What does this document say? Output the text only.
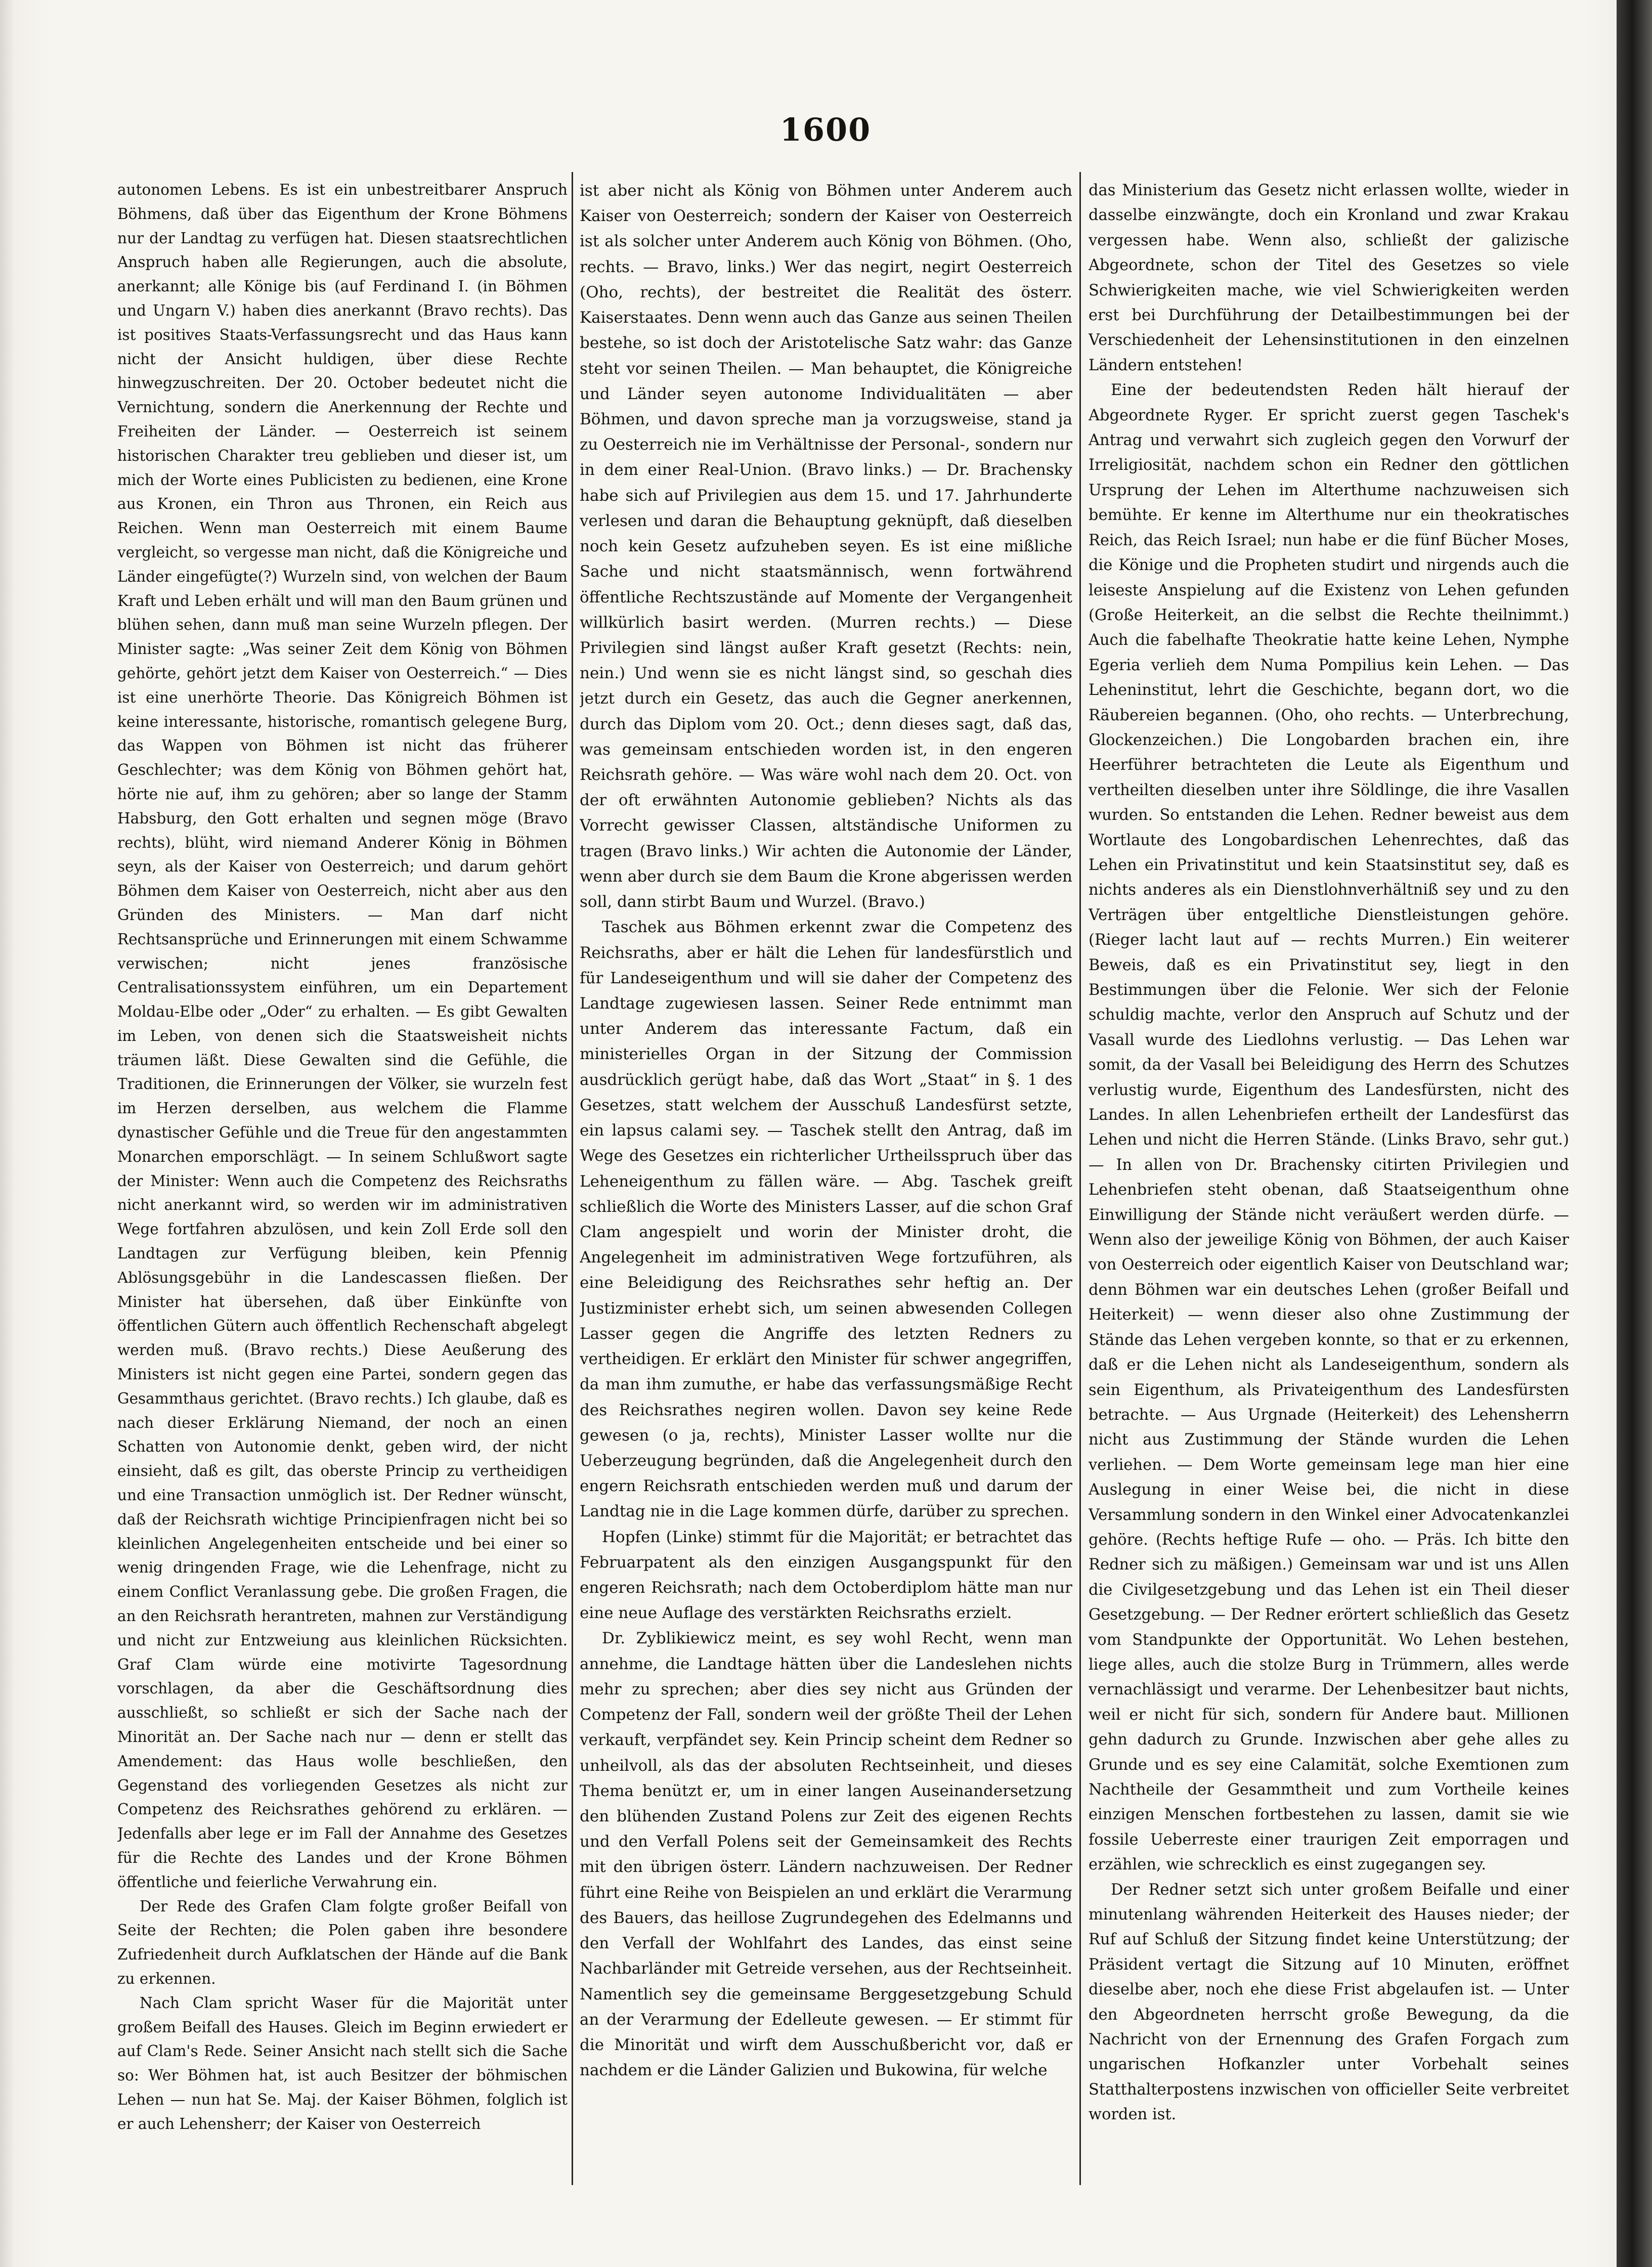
1600

autonomen Lebens. Es ist ein unbestreitbarer Anspruch Böhmens, daß über das Eigenthum der Krone Böhmens nur der Landtag zu verfügen hat. Diesen staatsrechtlichen Anspruch haben alle Regierungen, auch die absolute, anerkannt; alle Könige bis (auf Ferdinand I. (in Böhmen und Ungarn V.) haben dies anerkannt (Bravo rechts). Das ist positives Staats-Verfassungsrecht und das Haus kann nicht der Ansicht huldigen, über diese Rechte hinwegzuschreiten. Der 20. October bedeutet nicht die Vernichtung, sondern die Anerkennung der Rechte und Freiheiten der Länder. — Oesterreich ist seinem historischen Charakter treu geblieben und dieser ist, um mich der Worte eines Publicisten zu bedienen, eine Krone aus Kronen, ein Thron aus Thronen, ein Reich aus Reichen. Wenn man Oesterreich mit einem Baume vergleicht, so vergesse man nicht, daß die Königreiche und Länder eingefügte(?) Wurzeln sind, von welchen der Baum Kraft und Leben erhält und will man den Baum grünen und blühen sehen, dann muß man seine Wurzeln pflegen. Der Minister sagte: „Was seiner Zeit dem König von Böhmen gehörte, gehört jetzt dem Kaiser von Oesterreich.“ — Dies ist eine unerhörte Theorie. Das Königreich Böhmen ist keine interessante, historische, romantisch gelegene Burg, das Wappen von Böhmen ist nicht das früherer Geschlechter; was dem König von Böhmen gehört hat, hörte nie auf, ihm zu gehören; aber so lange der Stamm Habsburg, den Gott erhalten und segnen möge (Bravo rechts), blüht, wird niemand Anderer König in Böhmen seyn, als der Kaiser von Oesterreich; und darum gehört Böhmen dem Kaiser von Oesterreich, nicht aber aus den Gründen des Ministers. — Man darf nicht Rechtsansprüche und Erinnerungen mit einem Schwamme verwischen; nicht jenes französische Centralisationssystem einführen, um ein Departement Moldau-Elbe oder „Oder“ zu erhalten. — Es gibt Gewalten im Leben, von denen sich die Staatsweisheit nichts träumen läßt. Diese Gewalten sind die Gefühle, die Traditionen, die Erinnerungen der Völker, sie wurzeln fest im Herzen derselben, aus welchem die Flamme dynastischer Gefühle und die Treue für den angestammten Monarchen emporschlägt. — In seinem Schlußwort sagte der Minister: Wenn auch die Competenz des Reichsraths nicht anerkannt wird, so werden wir im administrativen Wege fortfahren abzulösen, und kein Zoll Erde soll den Landtagen zur Verfügung bleiben, kein Pfennig Ablösungsgebühr in die Landescassen fließen. Der Minister hat übersehen, daß über Einkünfte von öffentlichen Gütern auch öffentlich Rechenschaft abgelegt werden muß. (Bravo rechts.) Diese Aeußerung des Ministers ist nicht gegen eine Partei, sondern gegen das Gesammthaus gerichtet. (Bravo rechts.) Ich glaube, daß es nach dieser Erklärung Niemand, der noch an einen Schatten von Autonomie denkt, geben wird, der nicht einsieht, daß es gilt, das oberste Princip zu vertheidigen und eine Transaction unmöglich ist. Der Redner wünscht, daß der Reichsrath wichtige Principienfragen nicht bei so kleinlichen Angelegenheiten entscheide und bei einer so wenig dringenden Frage, wie die Lehenfrage, nicht zu einem Conflict Veranlassung gebe. Die großen Fragen, die an den Reichsrath herantreten, mahnen zur Verständigung und nicht zur Entzweiung aus kleinlichen Rücksichten. Graf Clam würde eine motivirte Tagesordnung vorschlagen, da aber die Geschäftsordnung dies ausschließt, so schließt er sich der Sache nach der Minorität an. Der Sache nach nur — denn er stellt das Amendement: das Haus wolle beschließen, den Gegenstand des vorliegenden Gesetzes als nicht zur Competenz des Reichsrathes gehörend zu erklären. — Jedenfalls aber lege er im Fall der Annahme des Gesetzes für die Rechte des Landes und der Krone Böhmen öffentliche und feierliche Verwahrung ein.

Der Rede des Grafen Clam folgte großer Beifall von Seite der Rechten; die Polen gaben ihre besondere Zufriedenheit durch Aufklatschen der Hände auf die Bank zu erkennen.

Nach Clam spricht Waser für die Majorität unter großem Beifall des Hauses. Gleich im Beginn erwiedert er auf Clam's Rede. Seiner Ansicht nach stellt sich die Sache so: Wer Böhmen hat, ist auch Besitzer der böhmischen Lehen — nun hat Se. Maj. der Kaiser Böhmen, folglich ist er auch Lehensherr; der Kaiser von Oesterreich

ist aber nicht als König von Böhmen unter Anderem auch Kaiser von Oesterreich; sondern der Kaiser von Oesterreich ist als solcher unter Anderem auch König von Böhmen. (Oho, rechts. — Bravo, links.) Wer das negirt, negirt Oesterreich (Oho, rechts), der bestreitet die Realität des österr. Kaiserstaates. Denn wenn auch das Ganze aus seinen Theilen bestehe, so ist doch der Aristotelische Satz wahr: das Ganze steht vor seinen Theilen. — Man behauptet, die Königreiche und Länder seyen autonome Individualitäten — aber Böhmen, und davon spreche man ja vorzugsweise, stand ja zu Oesterreich nie im Verhältnisse der Personal-, sondern nur in dem einer Real-Union. (Bravo links.) — Dr. Brachensky habe sich auf Privilegien aus dem 15. und 17. Jahrhunderte verlesen und daran die Behauptung geknüpft, daß dieselben noch kein Gesetz aufzuheben seyen. Es ist eine mißliche Sache und nicht staatsmännisch, wenn fortwährend öffentliche Rechtszustände auf Momente der Vergangenheit willkürlich basirt werden. (Murren rechts.) — Diese Privilegien sind längst außer Kraft gesetzt (Rechts: nein, nein.) Und wenn sie es nicht längst sind, so geschah dies jetzt durch ein Gesetz, das auch die Gegner anerkennen, durch das Diplom vom 20. Oct.; denn dieses sagt, daß das, was gemeinsam entschieden worden ist, in den engeren Reichsrath gehöre. — Was wäre wohl nach dem 20. Oct. von der oft erwähnten Autonomie geblieben? Nichts als das Vorrecht gewisser Classen, altständische Uniformen zu tragen (Bravo links.) Wir achten die Autonomie der Länder, wenn aber durch sie dem Baum die Krone abgerissen werden soll, dann stirbt Baum und Wurzel. (Bravo.)

Taschek aus Böhmen erkennt zwar die Competenz des Reichsraths, aber er hält die Lehen für landesfürstlich und für Landeseigenthum und will sie daher der Competenz des Landtage zugewiesen lassen. Seiner Rede entnimmt man unter Anderem das interessante Factum, daß ein ministerielles Organ in der Sitzung der Commission ausdrücklich gerügt habe, daß das Wort „Staat“ in §. 1 des Gesetzes, statt welchem der Ausschuß Landesfürst setzte, ein lapsus calami sey. — Taschek stellt den Antrag, daß im Wege des Gesetzes ein richterlicher Urtheilsspruch über das Leheneigenthum zu fällen wäre. — Abg. Taschek greift schließlich die Worte des Ministers Lasser, auf die schon Graf Clam angespielt und worin der Minister droht, die Angelegenheit im administrativen Wege fortzuführen, als eine Beleidigung des Reichsrathes sehr heftig an. Der Justizminister erhebt sich, um seinen abwesenden Collegen Lasser gegen die Angriffe des letzten Redners zu vertheidigen. Er erklärt den Minister für schwer angegriffen, da man ihm zumuthe, er habe das verfassungsmäßige Recht des Reichsrathes negiren wollen. Davon sey keine Rede gewesen (o ja, rechts), Minister Lasser wollte nur die Ueberzeugung begründen, daß die Angelegenheit durch den engern Reichsrath entschieden werden muß und darum der Landtag nie in die Lage kommen dürfe, darüber zu sprechen.

Hopfen (Linke) stimmt für die Majorität; er betrachtet das Februarpatent als den einzigen Ausgangspunkt für den engeren Reichsrath; nach dem Octoberdiplom hätte man nur eine neue Auflage des verstärkten Reichsraths erzielt.

Dr. Zyblikiewicz meint, es sey wohl Recht, wenn man annehme, die Landtage hätten über die Landeslehen nichts mehr zu sprechen; aber dies sey nicht aus Gründen der Competenz der Fall, sondern weil der größte Theil der Lehen verkauft, verpfändet sey. Kein Princip scheint dem Redner so unheilvoll, als das der absoluten Rechtseinheit, und dieses Thema benützt er, um in einer langen Auseinandersetzung den blühenden Zustand Polens zur Zeit des eigenen Rechts und den Verfall Polens seit der Gemeinsamkeit des Rechts mit den übrigen österr. Ländern nachzuweisen. Der Redner führt eine Reihe von Beispielen an und erklärt die Verarmung des Bauers, das heillose Zugrundegehen des Edelmanns und den Verfall der Wohlfahrt des Landes, das einst seine Nachbarländer mit Getreide versehen, aus der Rechtseinheit. Namentlich sey die gemeinsame Berggesetzgebung Schuld an der Verarmung der Edelleute gewesen. — Er stimmt für die Minorität und wirft dem Ausschußbericht vor, daß er nachdem er die Länder Galizien und Bukowina, für welche

das Ministerium das Gesetz nicht erlassen wollte, wieder in dasselbe einzwängte, doch ein Kronland und zwar Krakau vergessen habe. Wenn also, schließt der galizische Abgeordnete, schon der Titel des Gesetzes so viele Schwierigkeiten mache, wie viel Schwierigkeiten werden erst bei Durchführung der Detailbestimmungen bei der Verschiedenheit der Lehensinstitutionen in den einzelnen Ländern entstehen!

Eine der bedeutendsten Reden hält hierauf der Abgeordnete Ryger. Er spricht zuerst gegen Taschek's Antrag und verwahrt sich zugleich gegen den Vorwurf der Irreligiosität, nachdem schon ein Redner den göttlichen Ursprung der Lehen im Alterthume nachzuweisen sich bemühte. Er kenne im Alterthume nur ein theokratisches Reich, das Reich Israel; nun habe er die fünf Bücher Moses, die Könige und die Propheten studirt und nirgends auch die leiseste Anspielung auf die Existenz von Lehen gefunden (Große Heiterkeit, an die selbst die Rechte theilnimmt.) Auch die fabelhafte Theokratie hatte keine Lehen, Nymphe Egeria verlieh dem Numa Pompilius kein Lehen. — Das Leheninstitut, lehrt die Geschichte, begann dort, wo die Räubereien begannen. (Oho, oho rechts. — Unterbrechung, Glockenzeichen.) Die Longobarden brachen ein, ihre Heerführer betrachteten die Leute als Eigenthum und vertheilten dieselben unter ihre Söldlinge, die ihre Vasallen wurden. So entstanden die Lehen. Redner beweist aus dem Wortlaute des Longobardischen Lehenrechtes, daß das Lehen ein Privatinstitut und kein Staatsinstitut sey, daß es nichts anderes als ein Dienstlohnverhältniß sey und zu den Verträgen über entgeltliche Dienstleistungen gehöre. (Rieger lacht laut auf — rechts Murren.) Ein weiterer Beweis, daß es ein Privatinstitut sey, liegt in den Bestimmungen über die Felonie. Wer sich der Felonie schuldig machte, verlor den Anspruch auf Schutz und der Vasall wurde des Liedlohns verlustig. — Das Lehen war somit, da der Vasall bei Beleidigung des Herrn des Schutzes verlustig wurde, Eigenthum des Landesfürsten, nicht des Landes. In allen Lehenbriefen ertheilt der Landesfürst das Lehen und nicht die Herren Stände. (Links Bravo, sehr gut.) — In allen von Dr. Brachensky citirten Privilegien und Lehenbriefen steht obenan, daß Staatseigenthum ohne Einwilligung der Stände nicht veräußert werden dürfe. — Wenn also der jeweilige König von Böhmen, der auch Kaiser von Oesterreich oder eigentlich Kaiser von Deutschland war; denn Böhmen war ein deutsches Lehen (großer Beifall und Heiterkeit) — wenn dieser also ohne Zustimmung der Stände das Lehen vergeben konnte, so that er zu erkennen, daß er die Lehen nicht als Landeseigenthum, sondern als sein Eigenthum, als Privateigenthum des Landesfürsten betrachte. — Aus Urgnade (Heiterkeit) des Lehensherrn nicht aus Zustimmung der Stände wurden die Lehen verliehen. — Dem Worte gemeinsam lege man hier eine Auslegung in einer Weise bei, die nicht in diese Versammlung sondern in den Winkel einer Advocatenkanzlei gehöre. (Rechts heftige Rufe — oho. — Präs. Ich bitte den Redner sich zu mäßigen.) Gemeinsam war und ist uns Allen die Civilgesetzgebung und das Lehen ist ein Theil dieser Gesetzgebung. — Der Redner erörtert schließlich das Gesetz vom Standpunkte der Opportunität. Wo Lehen bestehen, liege alles, auch die stolze Burg in Trümmern, alles werde vernachlässigt und verarme. Der Lehenbesitzer baut nichts, weil er nicht für sich, sondern für Andere baut. Millionen gehn dadurch zu Grunde. Inzwischen aber gehe alles zu Grunde und es sey eine Calamität, solche Exemtionen zum Nachtheile der Gesammtheit und zum Vortheile keines einzigen Menschen fortbestehen zu lassen, damit sie wie fossile Ueberreste einer traurigen Zeit emporragen und erzählen, wie schrecklich es einst zugegangen sey.

Der Redner setzt sich unter großem Beifalle und einer minutenlang währenden Heiterkeit des Hauses nieder; der Ruf auf Schluß der Sitzung findet keine Unterstützung; der Präsident vertagt die Sitzung auf 10 Minuten, eröffnet dieselbe aber, noch ehe diese Frist abgelaufen ist. — Unter den Abgeordneten herrscht große Bewegung, da die Nachricht von der Ernennung des Grafen Forgach zum ungarischen Hofkanzler unter Vorbehalt seines Statthalterpostens inzwischen von officieller Seite verbreitet worden ist.
